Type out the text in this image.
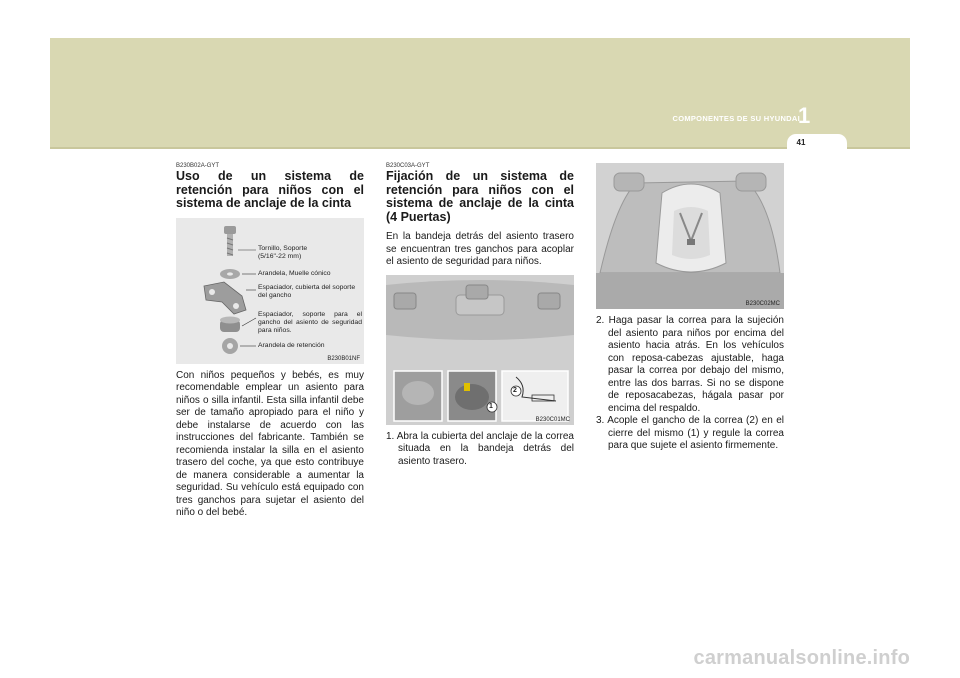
COMPONENTES DE SU HYUNDAI
1
41
B230B02A-GYT
Uso de un sistema de retención para niños con el sistema de anclaje de la cinta
Tornillo, Soporte
(5/16"-22 mm)
Arandela, Muelle cónico
Espaciador, cubierta del soporte del gancho
Espaciador, soporte para el gancho del asiento de seguridad para niños.
Arandela de retención
B230B01NF

Con niños pequeños y bebés, es muy recomendable emplear un asiento para niños o silla infantil. Esta silla infantil debe ser de tamaño apropiado para el niño y debe instalarse de acuerdo con las instrucciones del fabricante. También se recomienda instalar la silla en el asiento trasero del coche, ya que esto contribuye de manera considerable a aumentar la seguridad. Su vehículo está equipado con tres ganchos para sujetar el asiento del niño o del bebé.

B230C03A-GYT
Fijación de un sistema de retención para niños con el sistema de anclaje de la cinta (4 Puertas)

En la bandeja detrás del asiento trasero se encuentran tres ganchos para acoplar el asiento de seguridad para niños.

2
1
B230C01MC
1. Abra la cubierta del anclaje de la correa situada en la bandeja detrás del asiento trasero.
B230C02MC
2. Haga pasar la correa para la sujeción del asiento para niños por encima del asiento hacia atrás. En los vehículos con reposa-cabezas ajustable, haga pasar la correa por debajo del mismo, entre las dos barras. Si no se dispone de reposacabezas, hágala pasar por encima del respaldo.
3. Acople el gancho de la correa (2) en el cierre del mismo (1) y regule la correa para que sujete el asiento firmemente.
carmanualsonline.info
